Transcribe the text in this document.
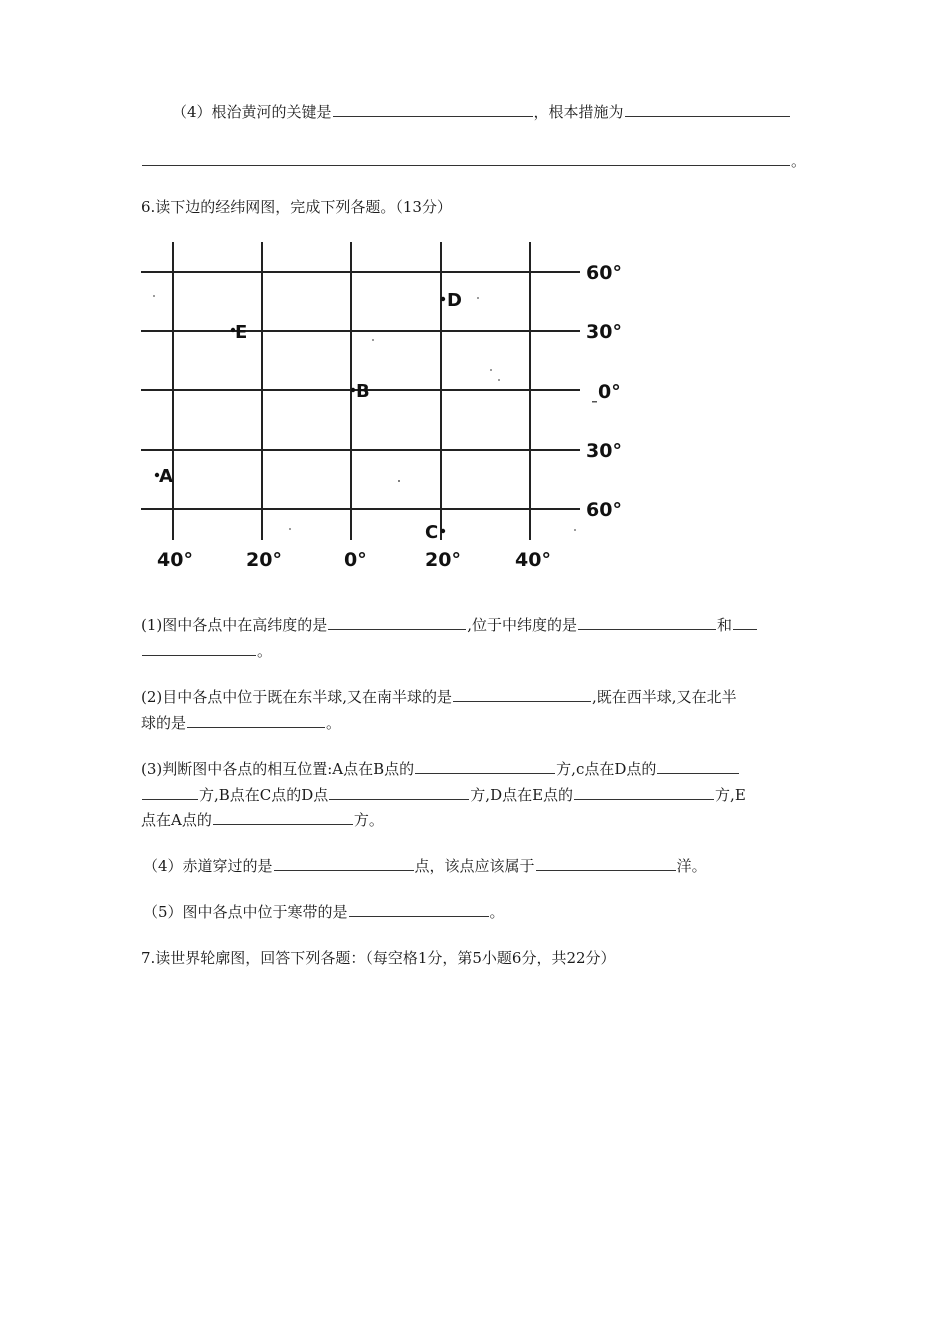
（4）根治黄河的关键是	，根本措施为
。
6.读下边的经纬网图，完成下列各题。（13分）
60°
30°
0°
30°
60°
40°	20°	0°	20°	40°
A
B
C
D
E
(1)图中各点中在高纬度的是	,位于中纬度的是	和
。
(2)目中各点中位于既在东半球,又在南半球的是	,既在西半球,又在北半
球的是	。
(3)判断图中各点的相互位置:A点在B点的	方,c点在D点的
方,B点在C点的D点	方,D点在E点的	方,E
点在A点的	方。
（4）赤道穿过的是	点，该点应该属于	洋。
（5）图中各点中位于寒带的是	。
7.读世界轮廓图，回答下列各题：（每空格1分，第5小题6分，共22分）
